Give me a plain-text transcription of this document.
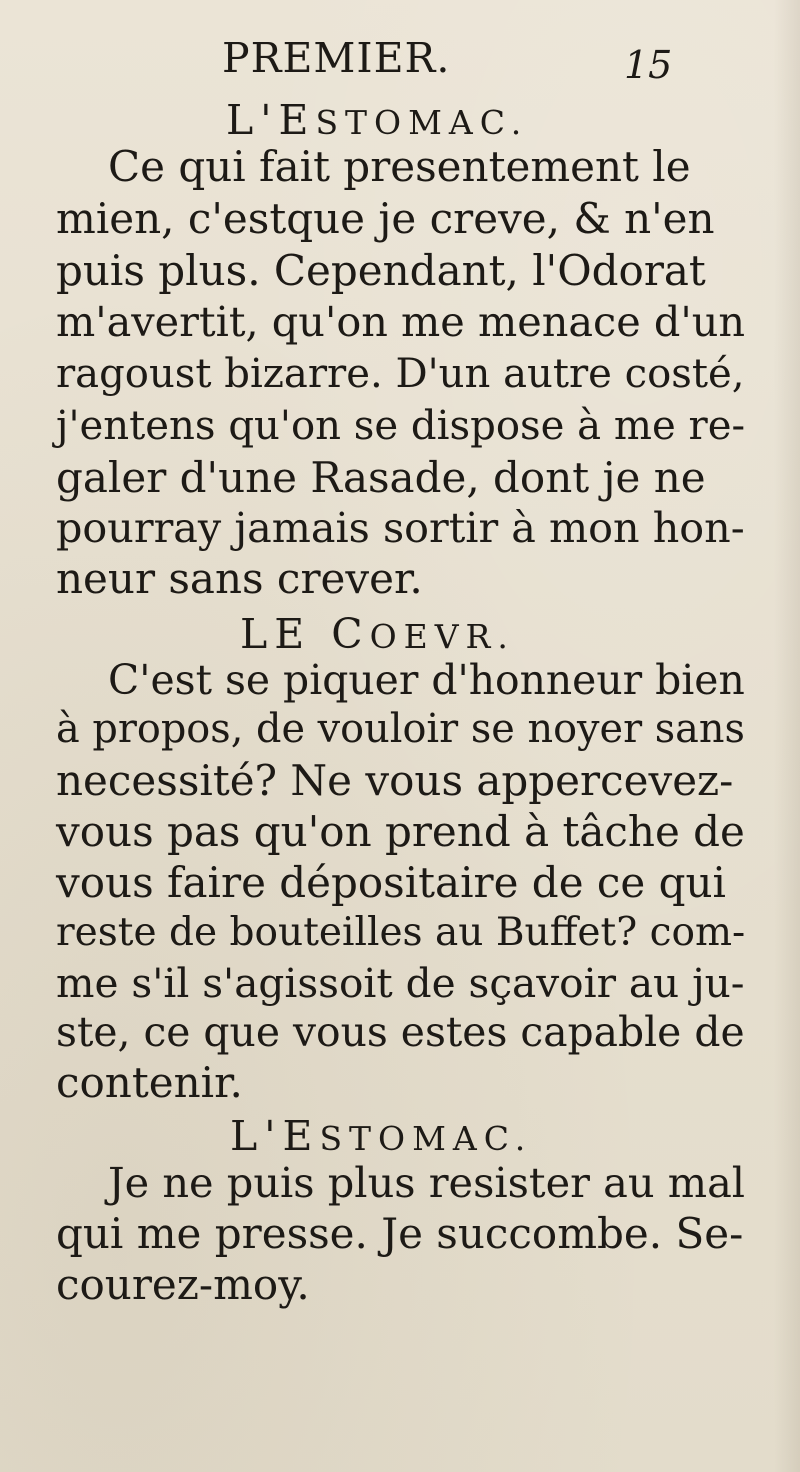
PREMIER.	15
L'ESTOMAC.
Ce qui fait presentement le
mien, c'estque je creve, & n'en
puis plus. Cependant, l'Odorat
m'avertit, qu'on me menace d'un
ragoust bizarre. D'un autre costé,
j'entens qu'on se dispose à me re-
galer d'une Rasade, dont je ne
pourray jamais sortir à mon hon-
neur sans crever.
LE COEVR.
C'est se piquer d'honneur bien
à propos, de vouloir se noyer sans
necessité? Ne vous appercevez-
vous pas qu'on prend à tâche de
vous faire dépositaire de ce qui
reste de bouteilles au Buffet? com-
me s'il s'agissoit de sçavoir au ju-
ste, ce que vous estes capable de
contenir.
L'ESTOMAC.
Je ne puis plus resister au mal
qui me presse. Je succombe. Se-
courez-moy.
